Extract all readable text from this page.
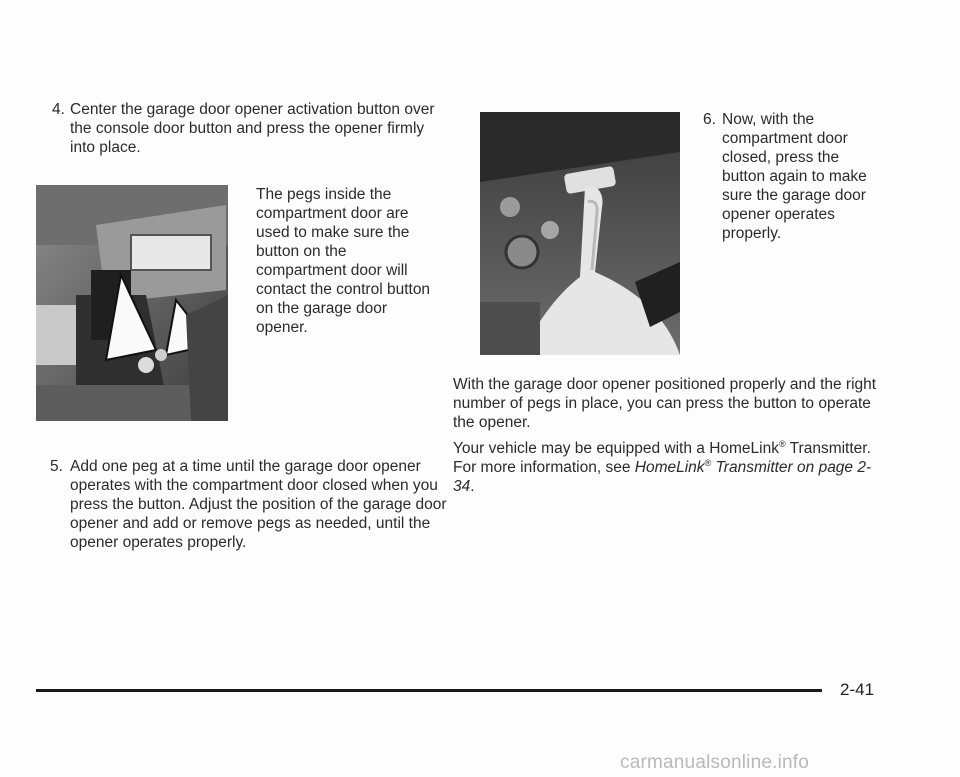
4. Center the garage door opener activation button over the console door button and press the opener firmly into place.

The pegs inside the compartment door are used to make sure the button on the compartment door will contact the control button on the garage door opener.

5. Add one peg at a time until the garage door opener operates with the compartment door closed when you press the button. Adjust the position of the garage door opener and add or remove pegs as needed, until the opener operates properly.

6. Now, with the compartment door closed, press the button again to make sure the garage door opener operates properly.

With the garage door opener positioned properly and the right number of pegs in place, you can press the button to operate the opener.

Your vehicle may be equipped with a HomeLink® Transmitter. For more information, see HomeLink® Transmitter on page 2-34.

2-41
carmanualsonline.info
